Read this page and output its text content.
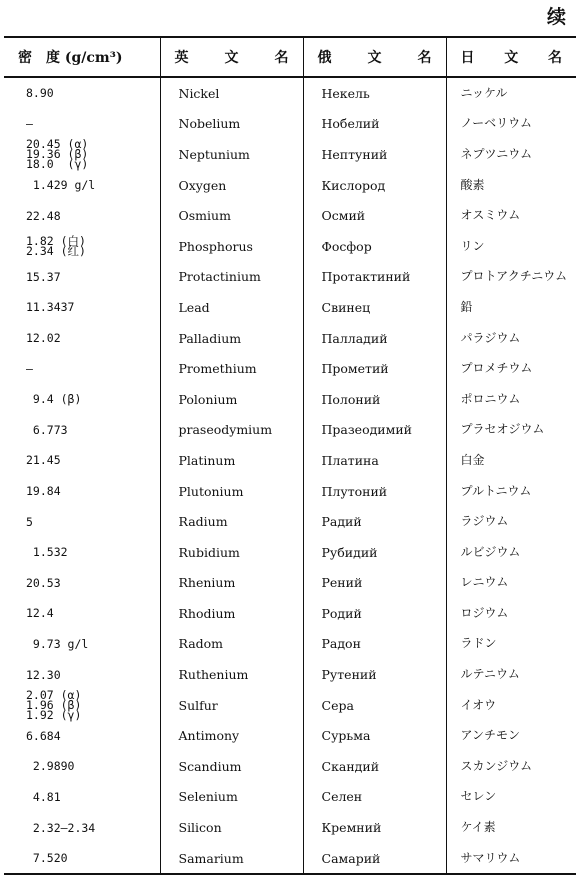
续
密 度 (g/cm³)	英 文 名	俄 文 名	日 文 名

8.90	Nickel	Некель	ニッケル

—	Nobelium	Нобелий	ノーベリウム

20.45 (α)
19.36 (β)
18.0  (γ)	Neptunium	Нептуний	ネプツニウム

1.429 g/l	Oxygen	Кислород	酸素

22.48	Osmium	Осмий	オスミウム

1.82 (白)
2.34 (红)	Phosphorus	Фосфор	リン

15.37	Protactinium	Протактиний	プロトアクチニウム

11.3437	Lead	Свинец	鉛

12.02	Palladium	Палладий	パラジウム

—	Promethium	Прометий	プロメチウム

9.4 (β)	Polonium	Полоний	ポロニウム

6.773	praseodymium	Празеодимий	プラセオジウム

21.45	Platinum	Платина	白金

19.84	Plutonium	Плутоний	プルトニウム

5	Radium	Радий	ラジウム

1.532	Rubidium	Рубидий	ルビジウム

20.53	Rhenium	Рений	レニウム

12.4	Rhodium	Родий	ロジウム

9.73 g/l	Radom	Радон	ラドン

12.30	Ruthenium	Рутений	ルテニウム

2.07 (α)
1.96 (β)
1.92 (γ)	Sulfur	Сера	イオウ

6.684	Antimony	Сурьма	アンチモン

2.9890	Scandium	Скандий	スカンジウム

4.81	Selenium	Селен	セレン

2.32—2.34	Silicon	Кремний	ケイ素

7.520	Samarium	Самарий	サマリウム
